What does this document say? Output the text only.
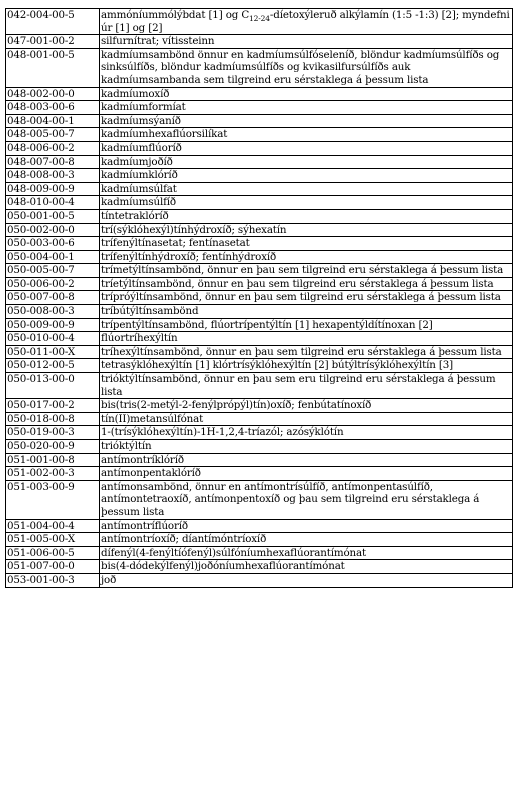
042-004-00-5	ammóníummólýbdat [1] og $C_{12-24}$-díetoxýleruð alkýlamín (1:5 -1:3) [2]; myndefni úr [1] og [2]
047-001-00-2	silfurnítrat; vítissteinn
048-001-00-5	kadmíumsambönd önnur en kadmíumsúlfóseleníð, blöndur kadmíumsúlfíðs og sinksúlfíðs, blöndur kadmíumsúlfíðs og kvikasilfursúlfíðs auk kadmíumsambanda sem tilgreind eru sérstaklega á þessum lista
048-002-00-0	kadmíumoxíð
048-003-00-6	kadmíumformíat
048-004-00-1	kadmíumsýaníð
048-005-00-7	kadmíumhexaflúorsilíkat
048-006-00-2	kadmíumflúoríð
048-007-00-8	kadmíumjoðíð
048-008-00-3	kadmíumklóríð
048-009-00-9	kadmíumsúlfat
048-010-00-4	kadmíumsúlfíð
050-001-00-5	tíntetraklóríð
050-002-00-0	trí(sýklóhexýl)tínhýdroxíð; sýhexatín
050-003-00-6	trífenýltínasetat; fentínasetat
050-004-00-1	trífenýltínhýdroxíð; fentínhýdroxíð
050-005-00-7	trímetýltínsambönd, önnur en þau sem tilgreind eru sérstaklega á þessum lista
050-006-00-2	tríetýltínsambönd, önnur en þau sem tilgreind eru sérstaklega á þessum lista
050-007-00-8	trípróýltínsambönd, önnur en þau sem tilgreind eru sérstaklega á þessum lista
050-008-00-3	tríbútýltínsambönd
050-009-00-9	trípentýltínsambönd, flúortrípentýltín [1] hexapentýldítínoxan [2]
050-010-00-4	flúortríhexýltín
050-011-00-X	tríhexýltínsambönd, önnur en þau sem tilgreind eru sérstaklega á þessum lista
050-012-00-5	tetrasýklóhexýltín [1] klórtrísýklóhexýltín [2] bútýltrísýklóhexýltín [3]
050-013-00-0	trióktýltínsambönd, önnur en þau sem eru tilgreind eru sérstaklega á þessum lista
050-017-00-2	bis(tris(2-metýl-2-fenýlprópýl)tín)oxíð; fenbútatínoxíð
050-018-00-8	tín(II)metansúlfónat
050-019-00-3	1-(trísýklóhexýltín)-1H-1,2,4-tríazól; azósýklótín
050-020-00-9	trióktýltín
051-001-00-8	antímontríklóríð
051-002-00-3	antímonpentaklóríð
051-003-00-9	antímonsambönd, önnur en antímontrísúlfíð, antímonpentasúlfíð, antímontetraoxíð, antímonpentoxíð og þau sem tilgreind eru sérstaklega á þessum lista
051-004-00-4	antímontríflúoríð
051-005-00-X	antímontríoxíð; díantímóntríoxíð
051-006-00-5	dífenýl(4-fenýltíófenýl)súlfóníumhexaflúorantímónat
051-007-00-0	bis(4-dódekýlfenýl)joðóníumhexaflúorantímónat
053-001-00-3	joð
